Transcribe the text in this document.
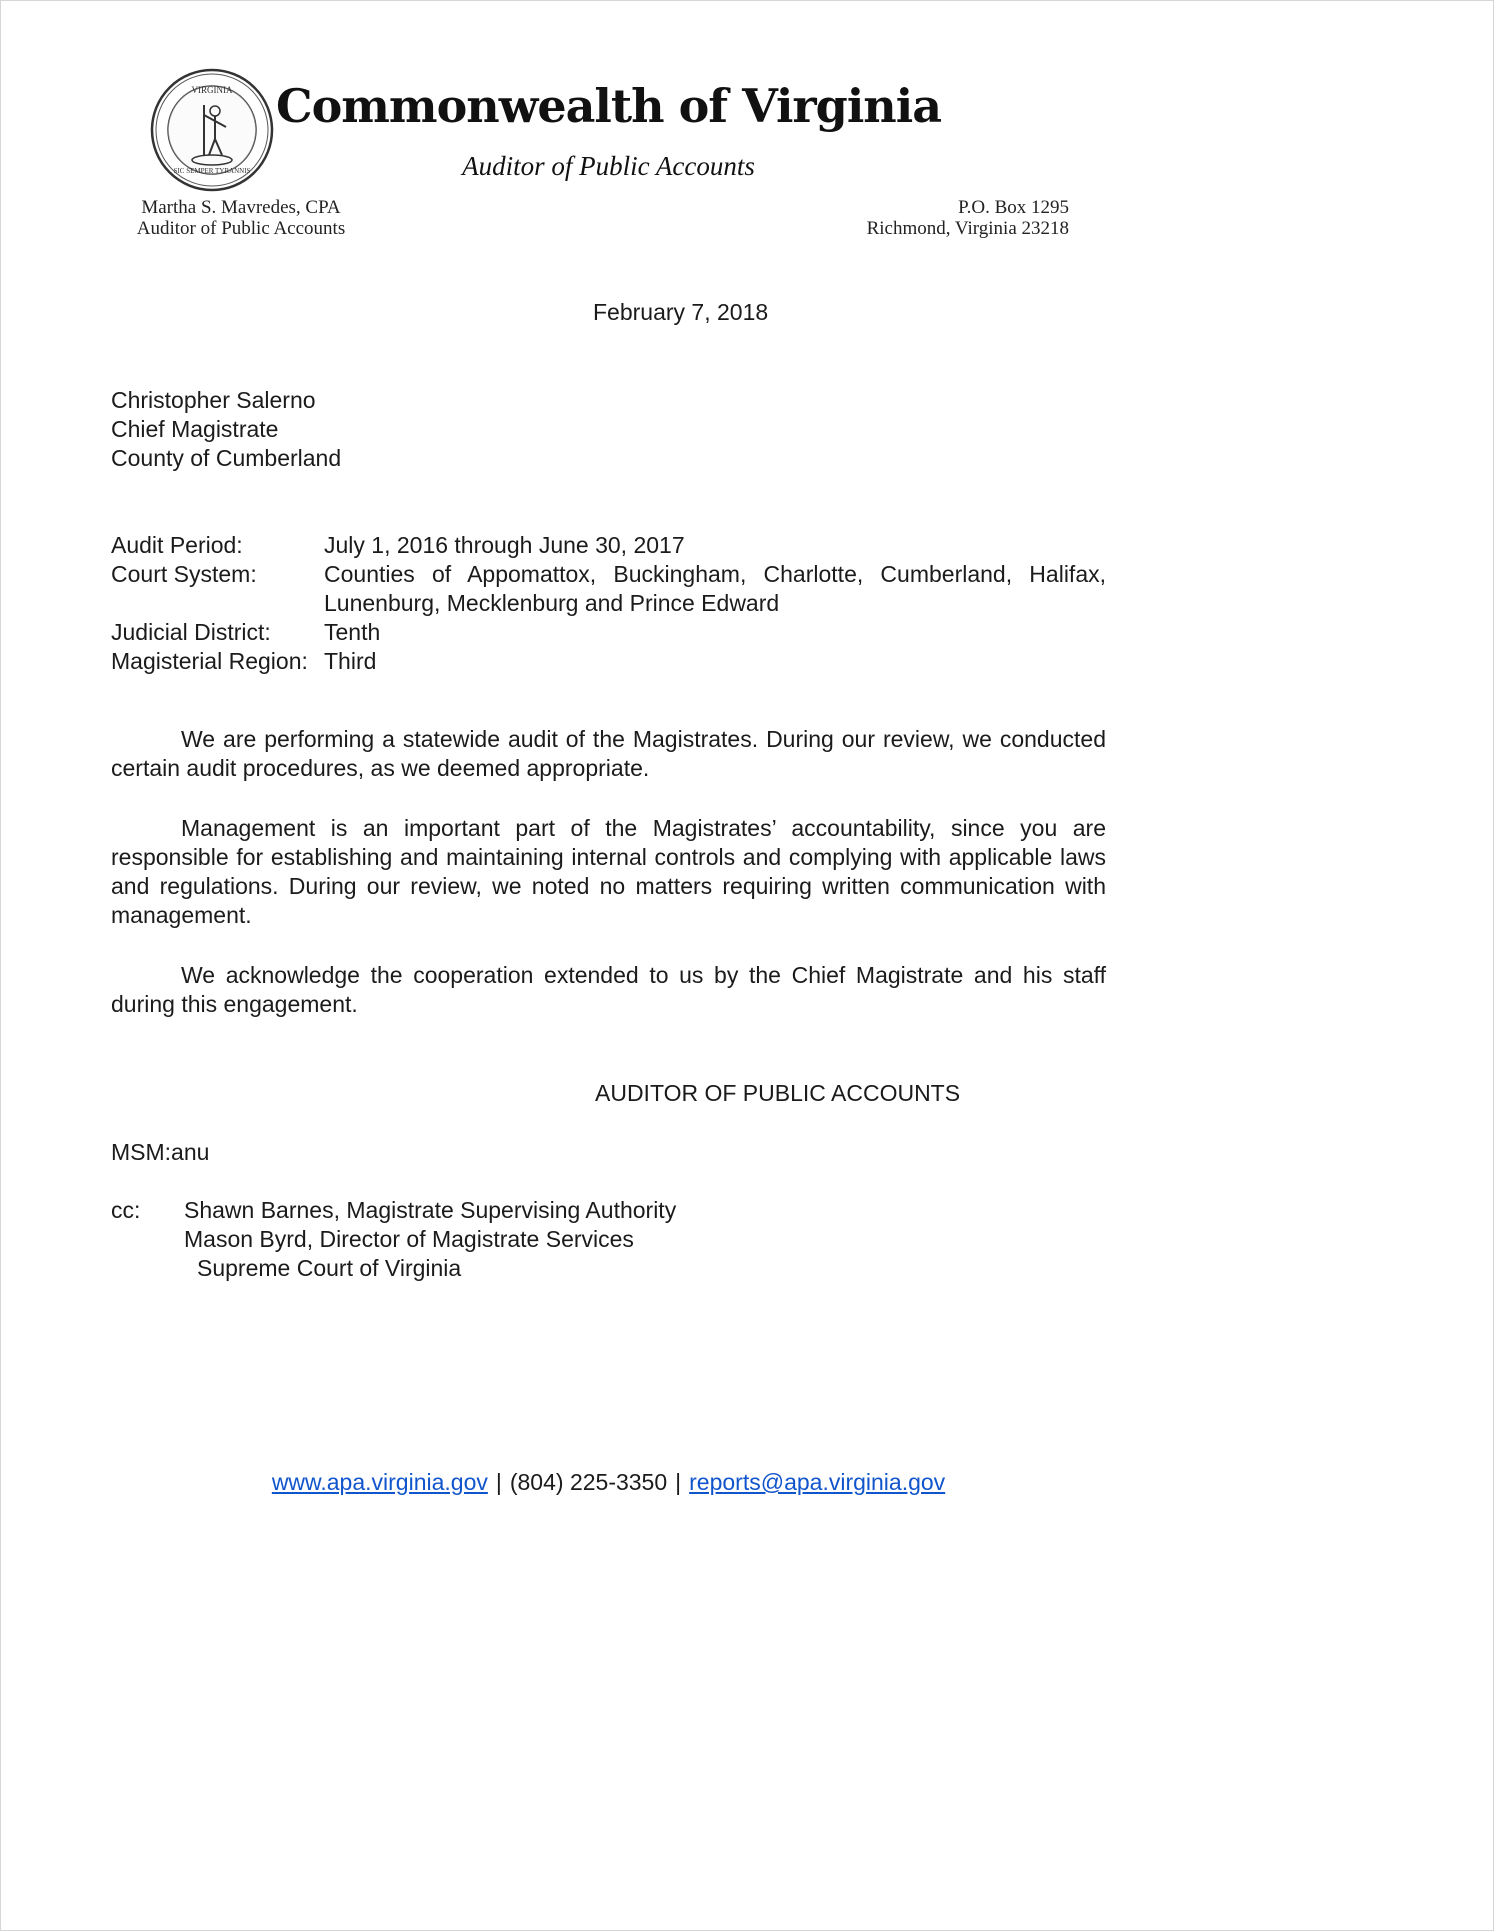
VIRGINIA
SIC SEMPER TYRANNIS
Commonwealth of Virginia
Auditor of Public Accounts
Martha S. Mavredes, CPA
Auditor of Public Accounts
P.O. Box 1295
Richmond, Virginia 23218
February 7, 2018
Christopher Salerno
Chief Magistrate
County of Cumberland
Audit Period:	July 1, 2016 through June 30, 2017
Court System:	Counties of Appomattox, Buckingham, Charlotte, Cumberland, Halifax, Lunenburg, Mecklenburg and Prince Edward
Judicial District:	Tenth
Magisterial Region: Third

We are performing a statewide audit of the Magistrates. During our review, we conducted certain audit procedures, as we deemed appropriate.

Management is an important part of the Magistrates’ accountability, since you are responsible for establishing and maintaining internal controls and complying with applicable laws and regulations. During our review, we noted no matters requiring written communication with management.

We acknowledge the cooperation extended to us by the Chief Magistrate and his staff during this engagement.

AUDITOR OF PUBLIC ACCOUNTS
MSM:anu
cc:	Shawn Barnes, Magistrate Supervising Authority
Mason Byrd, Director of Magistrate Services
Supreme Court of Virginia
www.apa.virginia.gov | (804) 225-3350 | reports@apa.virginia.gov
